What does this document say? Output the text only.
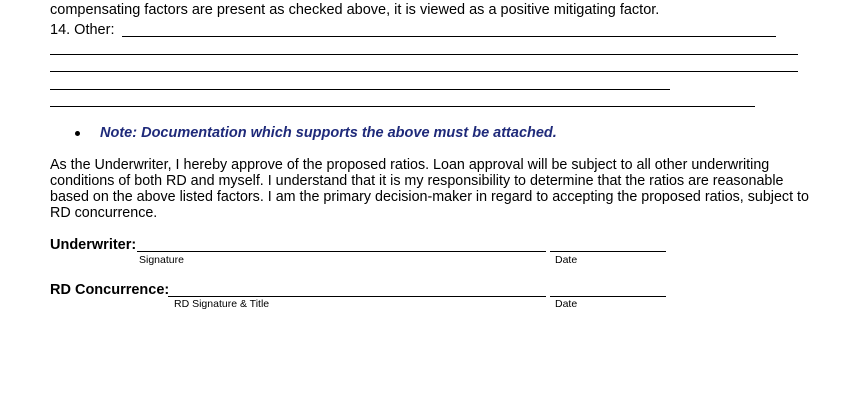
compensating factors are present as checked above, it is viewed as a positive mitigating factor.
14. Other:
Note: Documentation which supports the above must be attached.
As the Underwriter, I hereby approve of the proposed ratios. Loan approval will be subject to all other underwriting
conditions of both RD and myself. I understand that it is my responsibility to determine that the ratios are reasonable
based on the above listed factors. I am the primary decision-maker in regard to accepting the proposed ratios, subject to
RD concurrence.
Underwriter:
Signature	Date
RD Concurrence:
RD Signature & Title	Date
